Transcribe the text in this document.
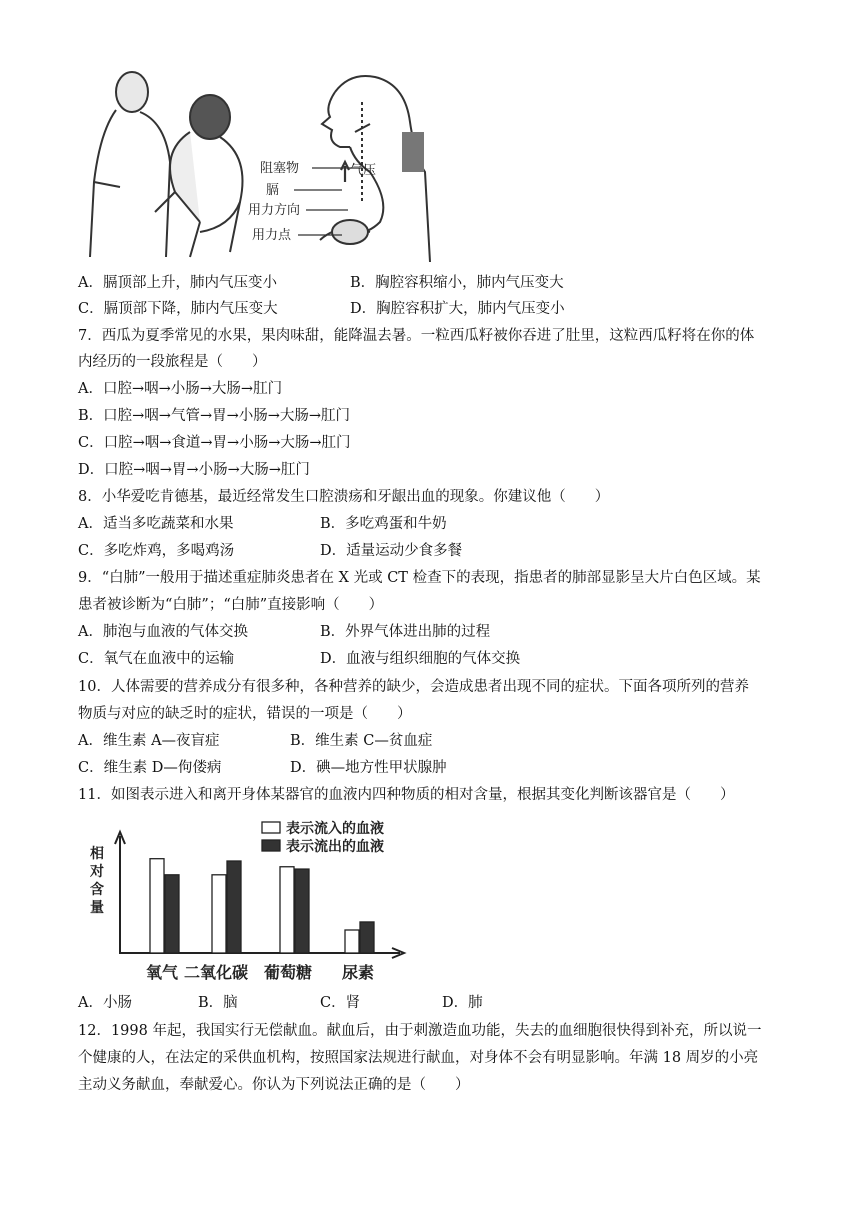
阻塞物
膈
用力方向
用力点
气压
A．膈顶部上升，肺内气压变小	B．胸腔容积缩小，肺内气压变大
C．膈顶部下降，肺内气压变大	D．胸腔容积扩大，肺内气压变小
7．西瓜为夏季常见的水果，果肉味甜，能降温去暑。一粒西瓜籽被你吞进了肚里，这粒西瓜籽将在你的体
内经历的一段旅程是（　　）
A．口腔→咽→小肠→大肠→肛门
B．口腔→咽→气管→胃→小肠→大肠→肛门
C．口腔→咽→食道→胃→小肠→大肠→肛门
D．口腔→咽→胃→小肠→大肠→肛门
8．小华爱吃肯德基，最近经常发生口腔溃疡和牙龈出血的现象。你建议他（　　）
A．适当多吃蔬菜和水果	B．多吃鸡蛋和牛奶
C．多吃炸鸡，多喝鸡汤	D．适量运动少食多餐
9．“白肺”一般用于描述重症肺炎患者在 X 光或 CT 检查下的表现，指患者的肺部显影呈大片白色区域。某
患者被诊断为“白肺”；“白肺”直接影响（　　）
A．肺泡与血液的气体交换	B．外界气体进出肺的过程
C．氧气在血液中的运输	D．血液与组织细胞的气体交换
10．人体需要的营养成分有很多种，各种营养的缺少，会造成患者出现不同的症状。下面各项所列的营养
物质与对应的缺乏时的症状，错误的一项是（　　）
A．维生素 A—夜盲症	B．维生素 C—贫血症
C．维生素 D—佝偻病	D．碘—地方性甲状腺肿
11．如图表示进入和离开身体某器官的血液内四种物质的相对含量，根据其变化判断该器官是（　　）
相
对
含
量
氧气 二氧化碳 葡萄糖 尿素
表示流入的血液
表示流出的血液
A．小肠	B．脑	C．肾	D．肺
12．1998 年起，我国实行无偿献血。献血后，由于刺激造血功能，失去的血细胞很快得到补充，所以说一
个健康的人，在法定的采供血机构，按照国家法规进行献血，对身体不会有明显影响。年满 18 周岁的小亮
主动义务献血，奉献爱心。你认为下列说法正确的是（　　）
